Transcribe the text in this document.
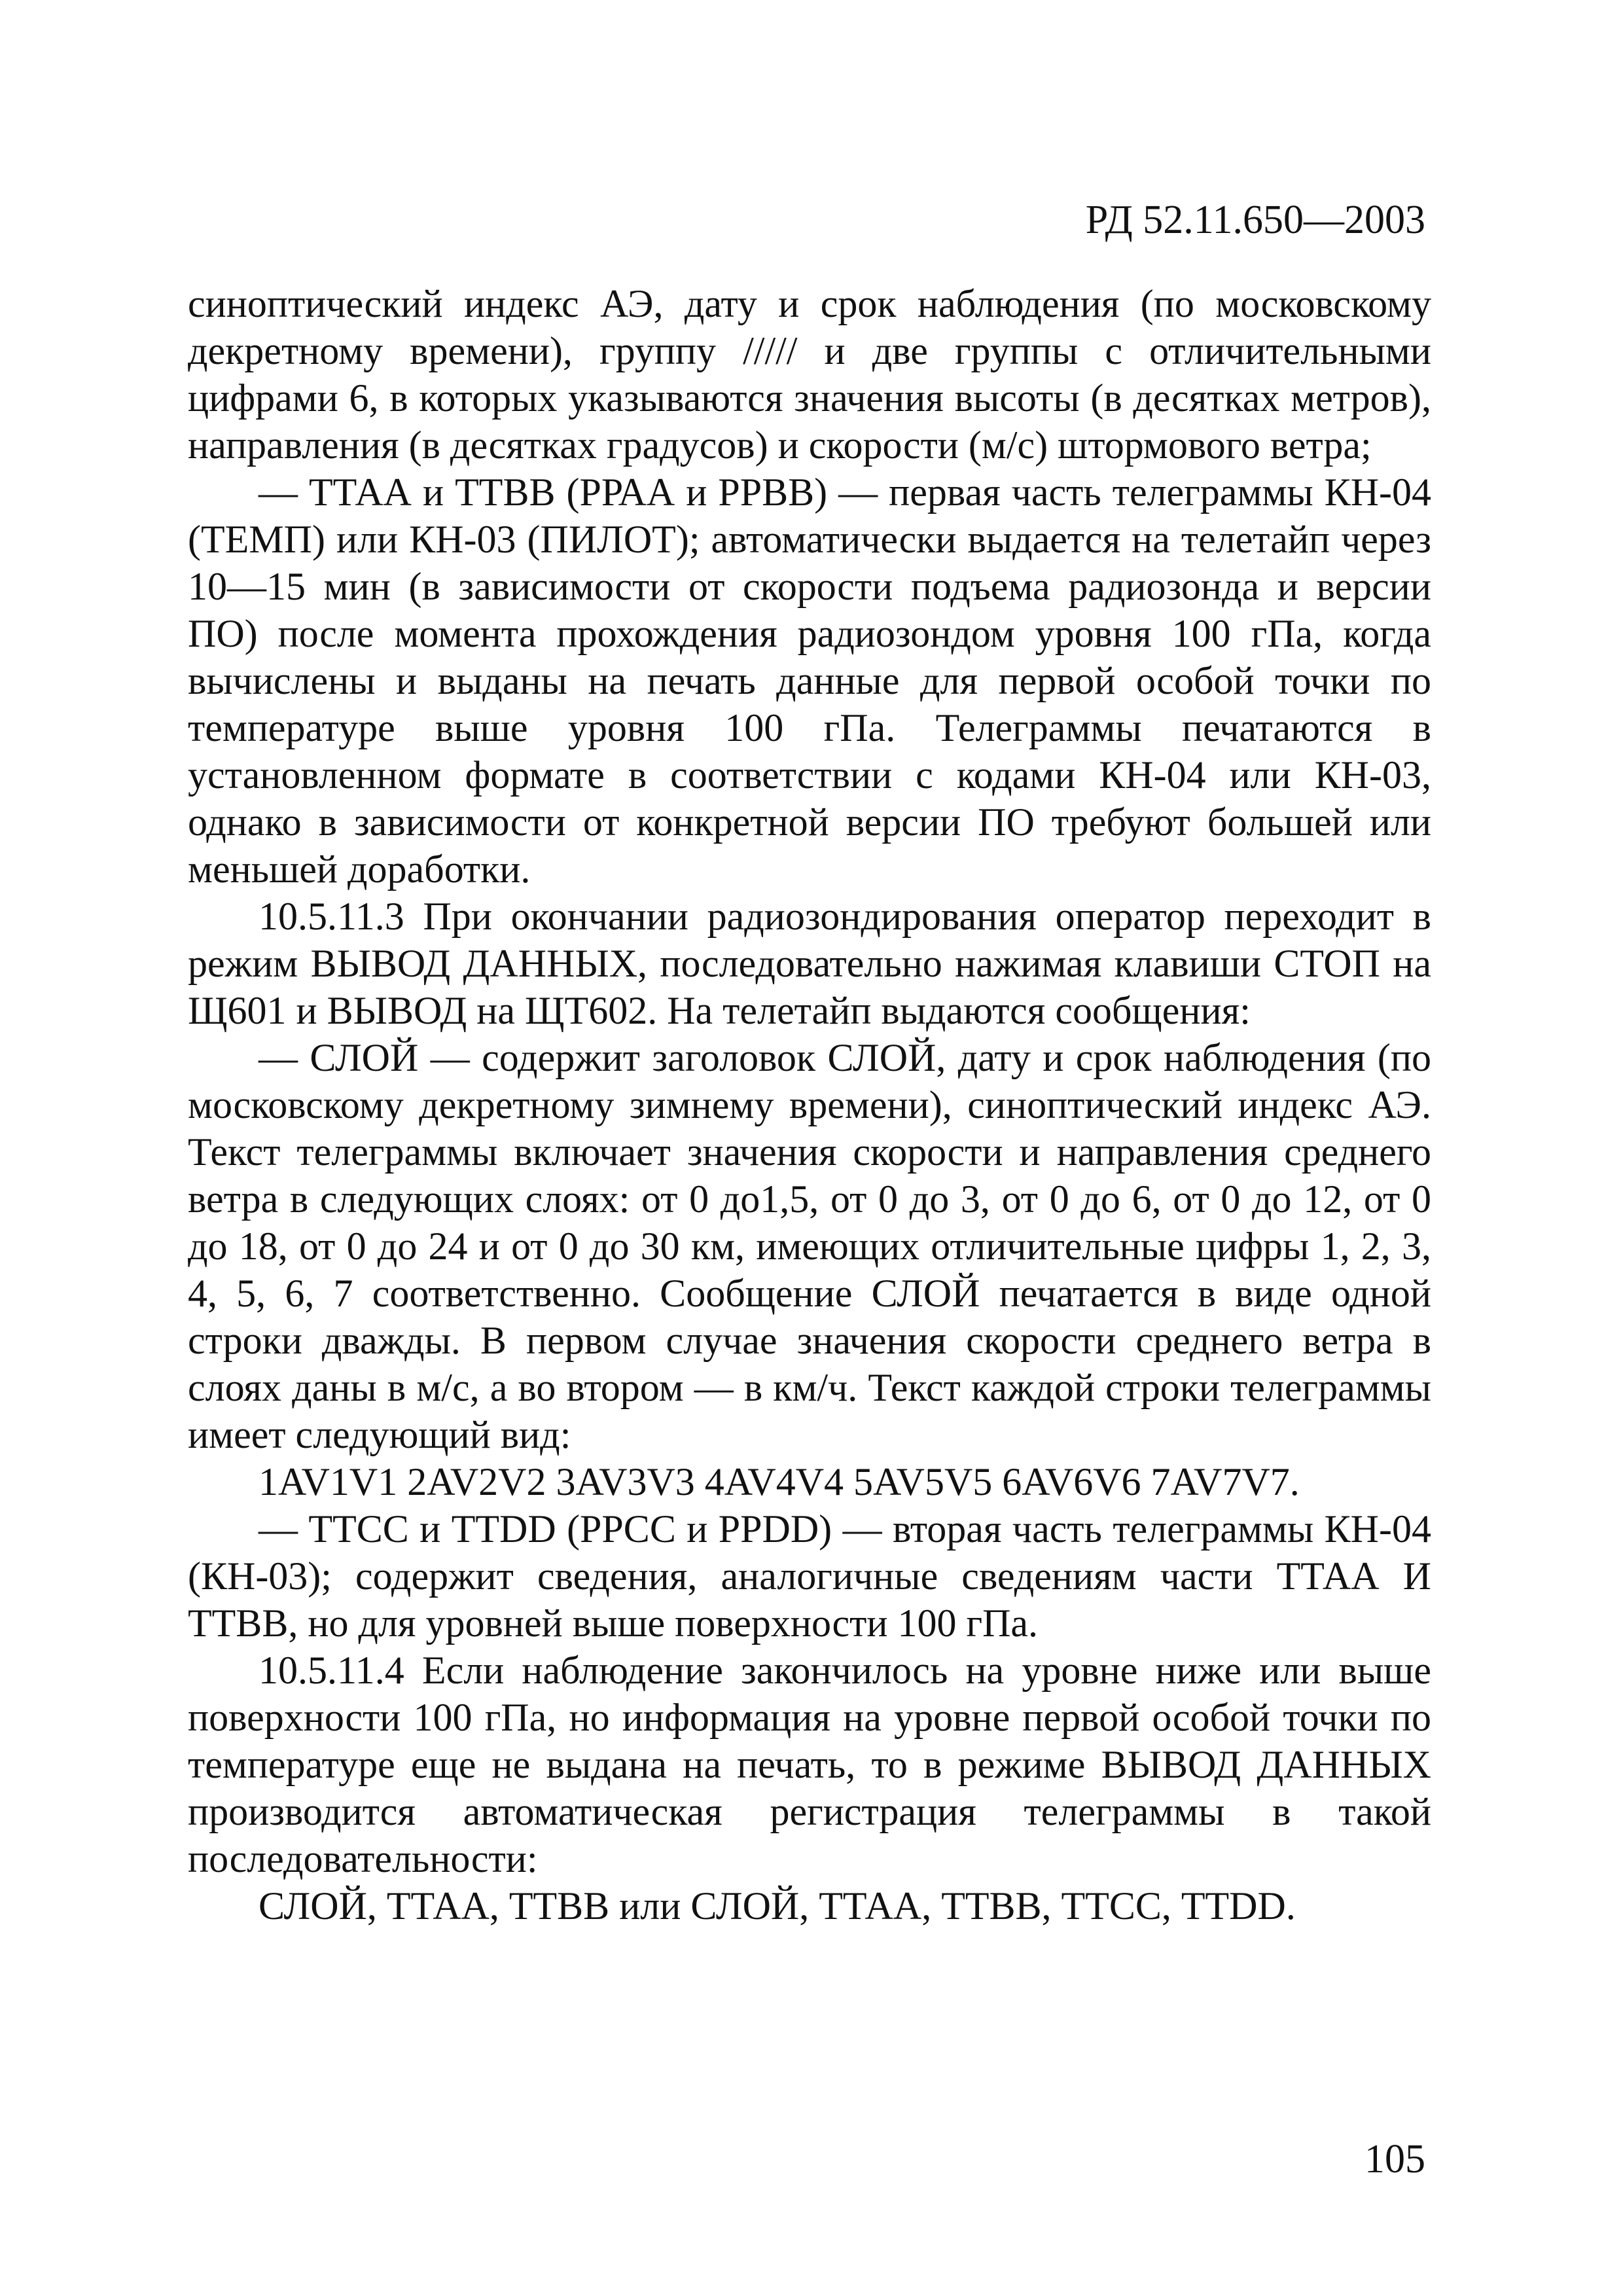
РД 52.11.650—2003

синоптический индекс АЭ, дату и срок наблюдения (по московскому декретному времени), группу ///// и две группы с отличительными цифрами 6, в которых указываются значения высоты (в десятках метров), направления (в десятках градусов) и скорости (м/с) штормового ветра;

— ТТАА и ТТВВ (РРАА и РРВВ) — первая часть телеграммы КН-04 (ТЕМП) или КН-03 (ПИЛОТ); автоматически выдается на телетайп через 10—15 мин (в зависимости от скорости подъема радиозонда и версии ПО) после момента прохождения радиозондом уровня 100 гПа, когда вычислены и выданы на печать данные для первой особой точки по температуре выше уровня 100 гПа. Телеграммы печатаются в установленном формате в соответствии с кодами КН-04 или КН-03, однако в зависимости от конкретной версии ПО требуют большей или меньшей доработки.

10.5.11.3 При окончании радиозондирования оператор переходит в режим ВЫВОД ДАННЫХ, последовательно нажимая клавиши СТОП на Щ601 и ВЫВОД на ЩТ602. На телетайп выдаются сообщения:

— СЛОЙ — содержит заголовок СЛОЙ, дату и срок наблюдения (по московскому декретному зимнему времени), синоптический индекс АЭ. Текст телеграммы включает значения скорости и направления среднего ветра в следующих слоях: от 0 до1,5, от 0 до 3, от 0 до 6, от 0 до 12, от 0 до 18, от 0 до 24 и от 0 до 30 км, имеющих отличительные цифры 1, 2, 3, 4, 5, 6, 7 соответственно. Сообщение СЛОЙ печатается в виде одной строки дважды. В первом случае значения скорости среднего ветра в слоях даны в м/с, а во втором — в км/ч. Текст каждой строки телеграммы имеет следующий вид:

1AV1V1 2AV2V2 3AV3V3 4AV4V4 5AV5V5 6AV6V6 7AV7V7.

— ТТСС и TTDD (PPCC и PPDD) — вторая часть телеграммы КН-04 (КН-03); содержит сведения, аналогичные сведениям части ТТАА И ТТВВ, но для уровней выше поверхности 100 гПа.

10.5.11.4 Если наблюдение закончилось на уровне ниже или выше поверхности 100 гПа, но информация на уровне первой особой точки по температуре еще не выдана на печать, то в режиме ВЫВОД ДАННЫХ производится автоматическая регистрация телеграммы в такой последовательности:

СЛОЙ, ТТАА, ТТВВ или СЛОЙ, ТТАА, ТТВВ, ТТСС, TTDD.

105
